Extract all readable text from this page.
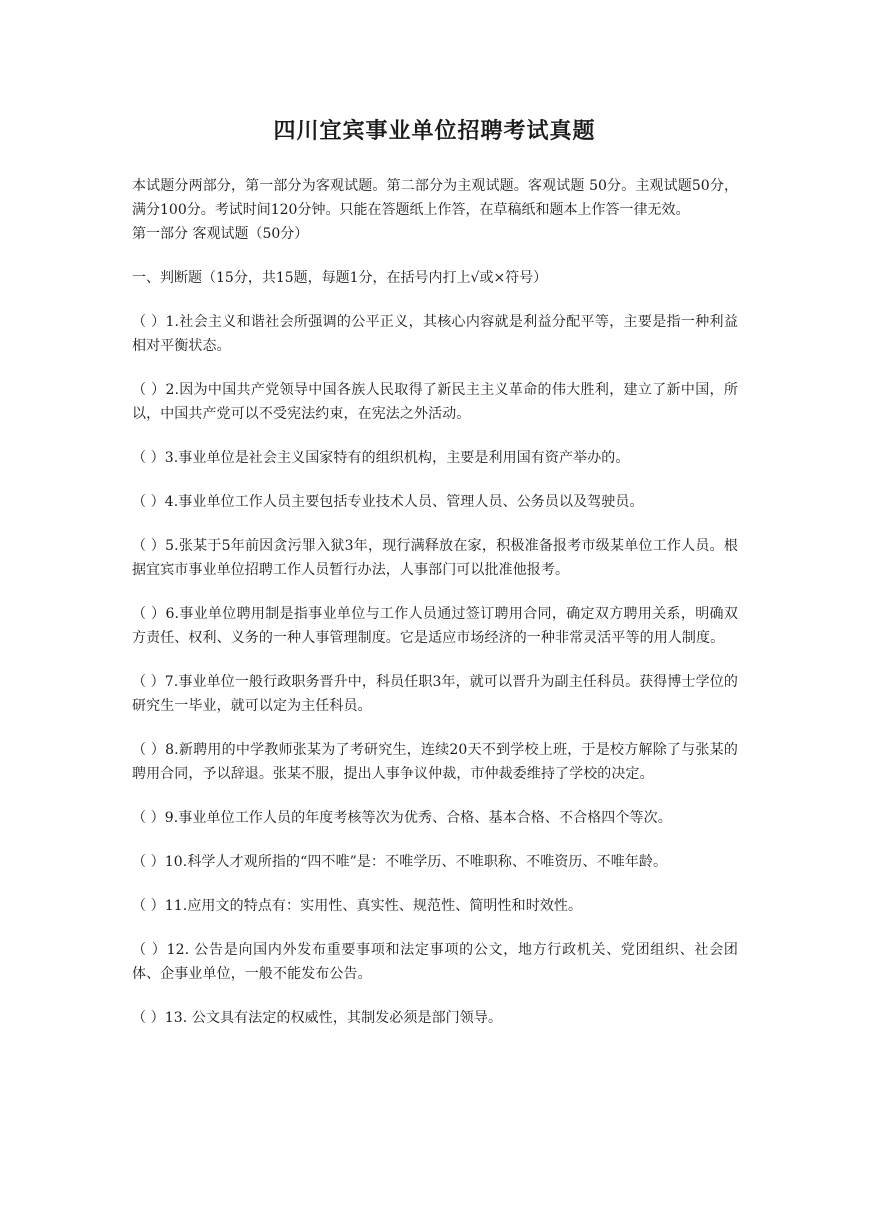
四川宜宾事业单位招聘考试真题

本试题分两部分，第一部分为客观试题。第二部分为主观试题。客观试题 50分。主观试题50分，满分100分。考试时间120分钟。只能在答题纸上作答，在草稿纸和题本上作答一律无效。

第一部分 客观试题（50分）

一、判断题（15分，共15题，每题1分，在括号内打上√或×符号）

（ ）1.社会主义和谐社会所强调的公平正义，其核心内容就是利益分配平等，主要是指一种利益相对平衡状态。

（ ）2.因为中国共产党领导中国各族人民取得了新民主主义革命的伟大胜利，建立了新中国，所以，中国共产党可以不受宪法约束，在宪法之外活动。

（ ）3.事业单位是社会主义国家特有的组织机构，主要是利用国有资产举办的。

（ ）4.事业单位工作人员主要包括专业技术人员、管理人员、公务员以及驾驶员。

（ ）5.张某于5年前因贪污罪入狱3年，现行满释放在家，积极准备报考市级某单位工作人员。根据宜宾市事业单位招聘工作人员暂行办法，人事部门可以批准他报考。

（ ）6.事业单位聘用制是指事业单位与工作人员通过签订聘用合同，确定双方聘用关系，明确双方责任、权利、义务的一种人事管理制度。它是适应市场经济的一种非常灵活平等的用人制度。

（ ）7.事业单位一般行政职务晋升中，科员任职3年，就可以晋升为副主任科员。获得博士学位的研究生一毕业，就可以定为主任科员。

（ ）8.新聘用的中学教师张某为了考研究生，连续20天不到学校上班，于是校方解除了与张某的聘用合同，予以辞退。张某不服，提出人事争议仲裁，市仲裁委维持了学校的决定。

（ ）9.事业单位工作人员的年度考核等次为优秀、合格、基本合格、不合格四个等次。

（ ）10.科学人才观所指的“四不唯”是：不唯学历、不唯职称、不唯资历、不唯年龄。

（ ）11.应用文的特点有：实用性、真实性、规范性、简明性和时效性。

（ ）12. 公告是向国内外发布重要事项和法定事项的公文，地方行政机关、党团组织、社会团体、企事业单位，一般不能发布公告。

（ ）13. 公文具有法定的权威性，其制发必须是部门领导。
